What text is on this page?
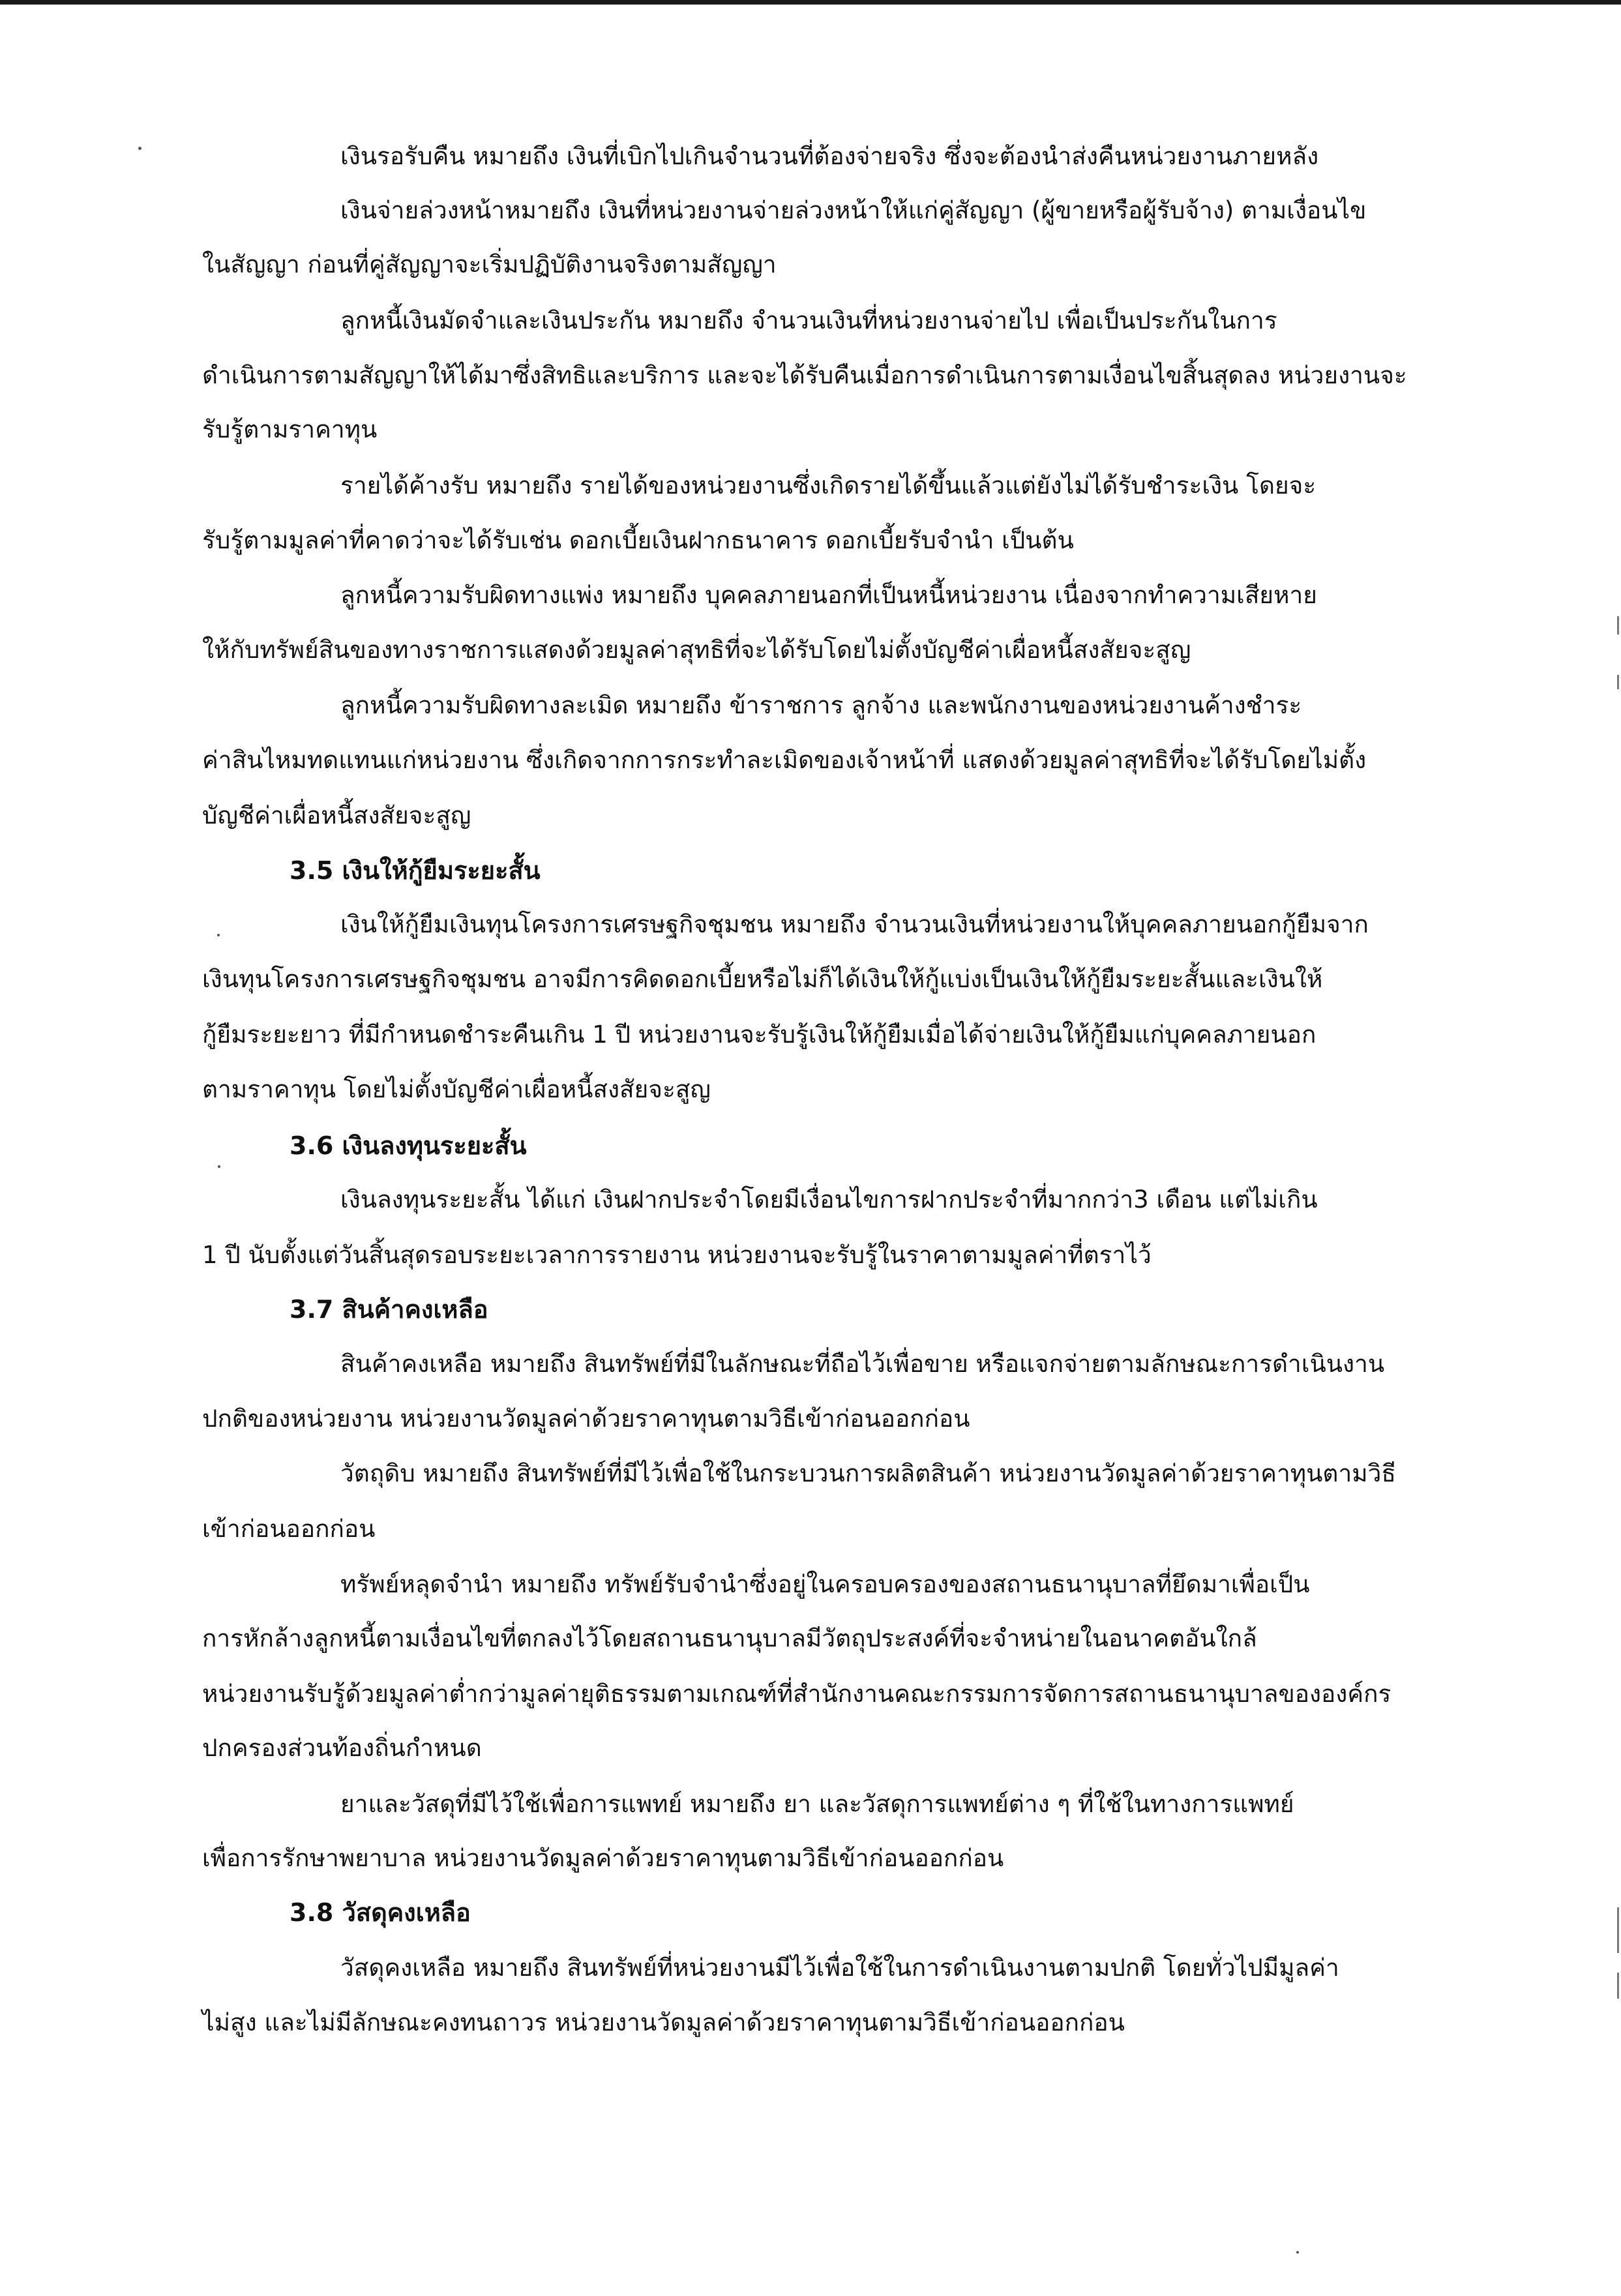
เงินรอรับคืน หมายถึง เงินที่เบิกไปเกินจำนวนที่ต้องจ่ายจริง ซึ่งจะต้องนำส่งคืนหน่วยงานภายหลัง
เงินจ่ายล่วงหน้าหมายถึง เงินที่หน่วยงานจ่ายล่วงหน้าให้แก่คู่สัญญา (ผู้ขายหรือผู้รับจ้าง) ตามเงื่อนไข
ในสัญญา ก่อนที่คู่สัญญาจะเริ่มปฏิบัติงานจริงตามสัญญา
ลูกหนี้เงินมัดจำและเงินประกัน หมายถึง จำนวนเงินที่หน่วยงานจ่ายไป เพื่อเป็นประกันในการ
ดำเนินการตามสัญญาให้ได้มาซึ่งสิทธิและบริการ และจะได้รับคืนเมื่อการดำเนินการตามเงื่อนไขสิ้นสุดลง หน่วยงานจะ
รับรู้ตามราคาทุน
รายได้ค้างรับ หมายถึง รายได้ของหน่วยงานซึ่งเกิดรายได้ขึ้นแล้วแต่ยังไม่ได้รับชำระเงิน โดยจะ
รับรู้ตามมูลค่าที่คาดว่าจะได้รับเช่น ดอกเบี้ยเงินฝากธนาคาร ดอกเบี้ยรับจำนำ เป็นต้น
ลูกหนี้ความรับผิดทางแพ่ง หมายถึง บุคคลภายนอกที่เป็นหนี้หน่วยงาน เนื่องจากทำความเสียหาย
ให้กับทรัพย์สินของทางราชการแสดงด้วยมูลค่าสุทธิที่จะได้รับโดยไม่ตั้งบัญชีค่าเผื่อหนี้สงสัยจะสูญ
ลูกหนี้ความรับผิดทางละเมิด หมายถึง ข้าราชการ ลูกจ้าง และพนักงานของหน่วยงานค้างชำระ
ค่าสินไหมทดแทนแก่หน่วยงาน ซึ่งเกิดจากการกระทำละเมิดของเจ้าหน้าที่ แสดงด้วยมูลค่าสุทธิที่จะได้รับโดยไม่ตั้ง
บัญชีค่าเผื่อหนี้สงสัยจะสูญ
3.5 เงินให้กู้ยืมระยะสั้น
เงินให้กู้ยืมเงินทุนโครงการเศรษฐกิจชุมชน หมายถึง จำนวนเงินที่หน่วยงานให้บุคคลภายนอกกู้ยืมจาก
เงินทุนโครงการเศรษฐกิจชุมชน อาจมีการคิดดอกเบี้ยหรือไม่ก็ได้เงินให้กู้แบ่งเป็นเงินให้กู้ยืมระยะสั้นและเงินให้
กู้ยืมระยะยาว ที่มีกำหนดชำระคืนเกิน 1 ปี หน่วยงานจะรับรู้เงินให้กู้ยืมเมื่อได้จ่ายเงินให้กู้ยืมแก่บุคคลภายนอก
ตามราคาทุน โดยไม่ตั้งบัญชีค่าเผื่อหนี้สงสัยจะสูญ
3.6 เงินลงทุนระยะสั้น
เงินลงทุนระยะสั้น ได้แก่ เงินฝากประจำโดยมีเงื่อนไขการฝากประจำที่มากกว่า3 เดือน แต่ไม่เกิน
1 ปี นับตั้งแต่วันสิ้นสุดรอบระยะเวลาการรายงาน หน่วยงานจะรับรู้ในราคาตามมูลค่าที่ตราไว้
3.7 สินค้าคงเหลือ
สินค้าคงเหลือ หมายถึง สินทรัพย์ที่มีในลักษณะที่ถือไว้เพื่อขาย หรือแจกจ่ายตามลักษณะการดำเนินงาน
ปกติของหน่วยงาน หน่วยงานวัดมูลค่าด้วยราคาทุนตามวิธีเข้าก่อนออกก่อน
วัตถุดิบ หมายถึง สินทรัพย์ที่มีไว้เพื่อใช้ในกระบวนการผลิตสินค้า หน่วยงานวัดมูลค่าด้วยราคาทุนตามวิธี
เข้าก่อนออกก่อน
ทรัพย์หลุดจำนำ หมายถึง ทรัพย์รับจำนำซึ่งอยู่ในครอบครองของสถานธนานุบาลที่ยึดมาเพื่อเป็น
การหักล้างลูกหนี้ตามเงื่อนไขที่ตกลงไว้โดยสถานธนานุบาลมีวัตถุประสงค์ที่จะจำหน่ายในอนาคตอันใกล้
หน่วยงานรับรู้ด้วยมูลค่าต่ำกว่ามูลค่ายุติธรรมตามเกณฑ์ที่สำนักงานคณะกรรมการจัดการสถานธนานุบาลขององค์กร
ปกครองส่วนท้องถิ่นกำหนด
ยาและวัสดุที่มีไว้ใช้เพื่อการแพทย์ หมายถึง ยา และวัสดุการแพทย์ต่าง ๆ ที่ใช้ในทางการแพทย์
เพื่อการรักษาพยาบาล หน่วยงานวัดมูลค่าด้วยราคาทุนตามวิธีเข้าก่อนออกก่อน
3.8 วัสดุคงเหลือ
วัสดุคงเหลือ หมายถึง สินทรัพย์ที่หน่วยงานมีไว้เพื่อใช้ในการดำเนินงานตามปกติ โดยทั่วไปมีมูลค่า
ไม่สูง และไม่มีลักษณะคงทนถาวร หน่วยงานวัดมูลค่าด้วยราคาทุนตามวิธีเข้าก่อนออกก่อน
